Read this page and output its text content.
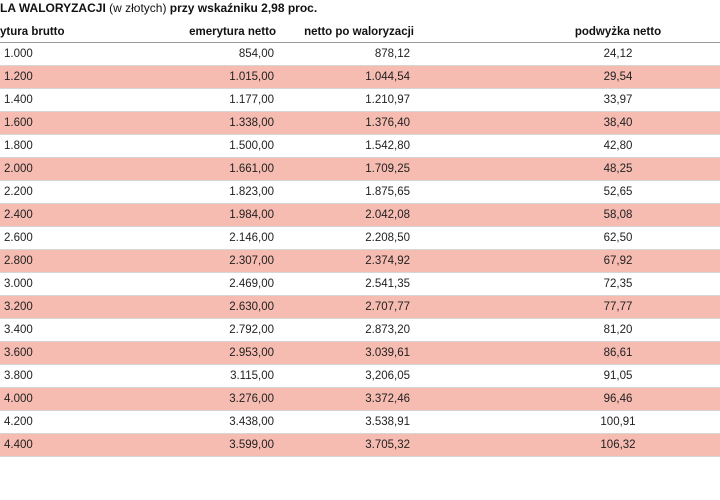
LA WALORYZACJI (w złotych) przy wskaźniku 2,98 proc.
ytura brutto	emerytura netto	netto po waloryzacji	podwyżka netto
1.000	854,00	878,12	24,12
1.200	1.015,00	1.044,54	29,54
1.400	1.177,00	1.210,97	33,97
1.600	1.338,00	1.376,40	38,40
1.800	1.500,00	1.542,80	42,80
2.000	1.661,00	1.709,25	48,25
2.200	1.823,00	1.875,65	52,65
2.400	1.984,00	2.042,08	58,08
2.600	2.146,00	2.208,50	62,50
2.800	2.307,00	2.374,92	67,92
3.000	2.469,00	2.541,35	72,35
3.200	2.630,00	2.707,77	77,77
3.400	2.792,00	2.873,20	81,20
3.600	2.953,00	3.039,61	86,61
3.800	3.115,00	3,206,05	91,05
4.000	3.276,00	3.372,46	96,46
4.200	3.438,00	3.538,91	100,91
4.400	3.599,00	3.705,32	106,32
